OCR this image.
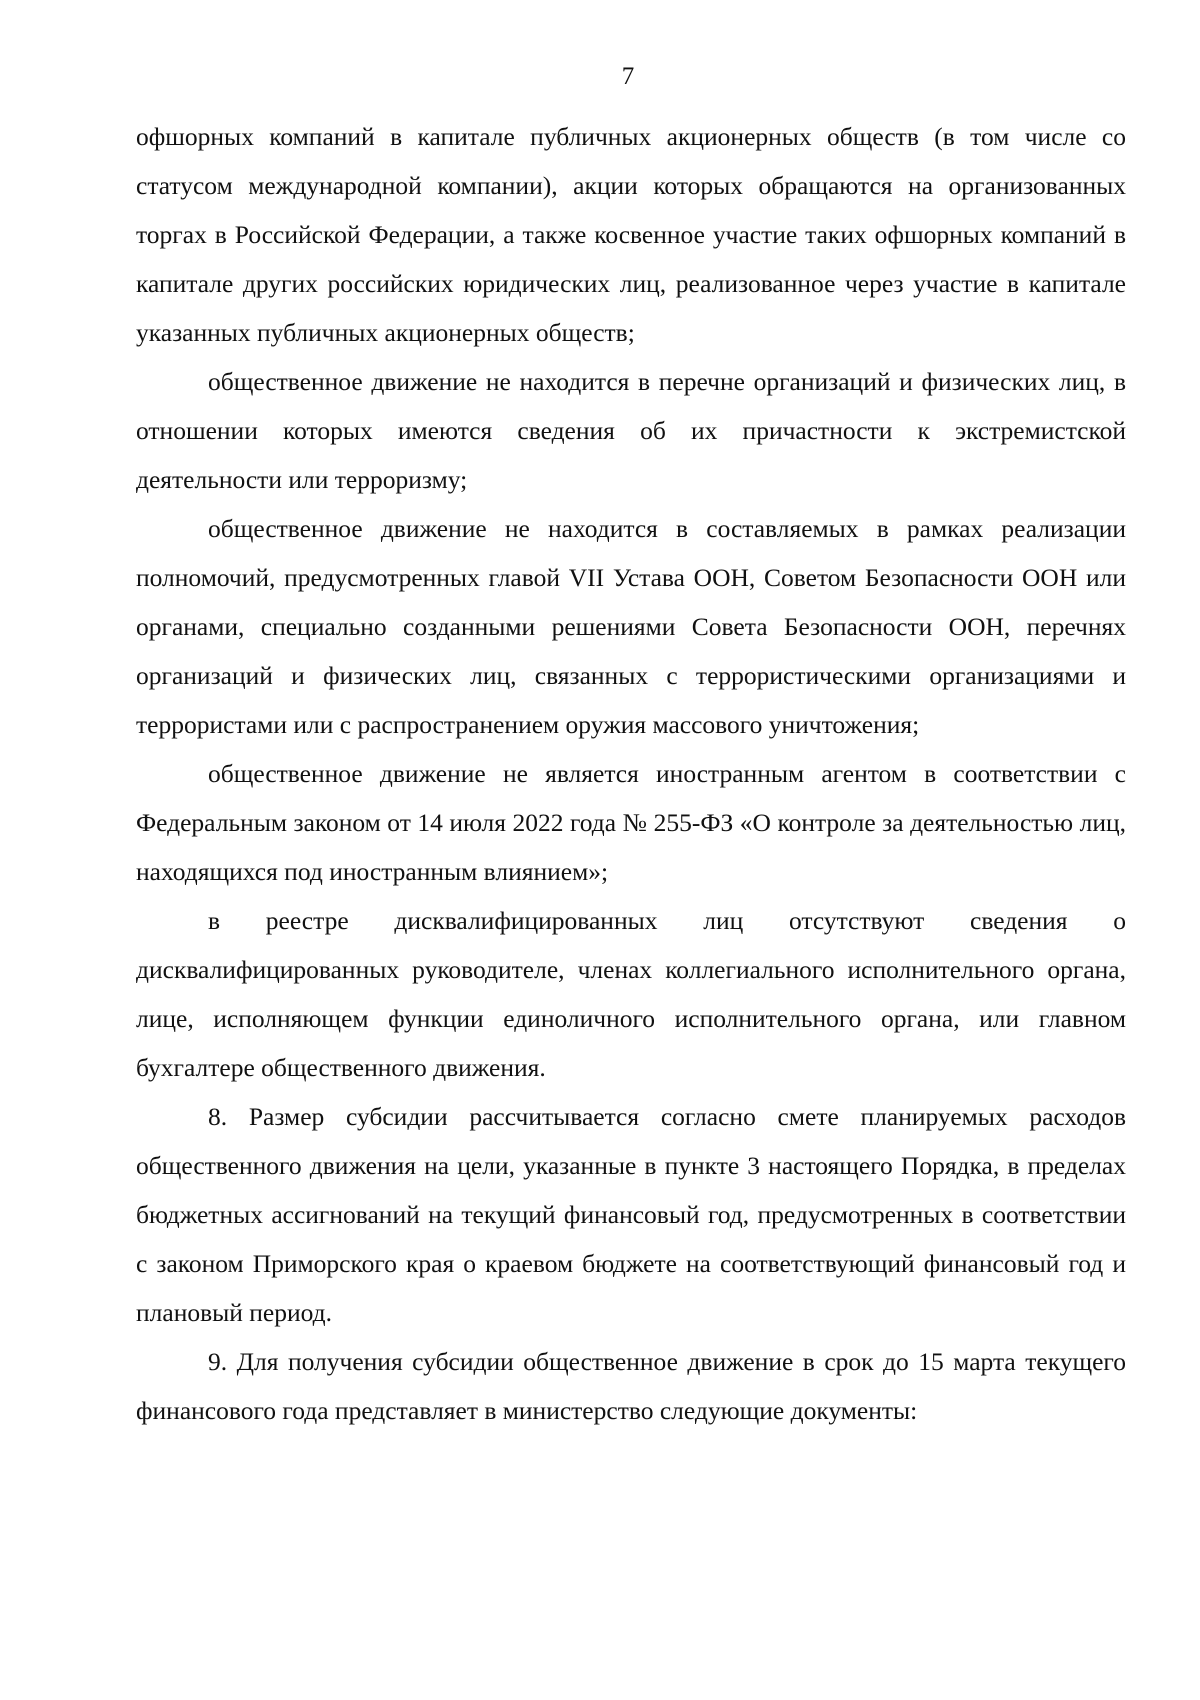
7

офшорных компаний в капитале публичных акционерных обществ (в том числе со статусом международной компании), акции которых обращаются на организованных торгах в Российской Федерации, а также косвенное участие таких офшорных компаний в капитале других российских юридических лиц, реализованное через участие в капитале указанных публичных акционерных обществ;

общественное движение не находится в перечне организаций и физических лиц, в отношении которых имеются сведения об их причастности к экстремистской деятельности или терроризму;

общественное движение не находится в составляемых в рамках реализации полномочий, предусмотренных главой VII Устава ООН, Советом Безопасности ООН или органами, специально созданными решениями Совета Безопасности ООН, перечнях организаций и физических лиц, связанных с террористическими организациями и террористами или с распространением оружия массового уничтожения;

общественное движение не является иностранным агентом в соответствии с Федеральным законом от 14 июля 2022 года № 255-ФЗ «О контроле за деятельностью лиц, находящихся под иностранным влиянием»;

в реестре дисквалифицированных лиц отсутствуют сведения о дисквалифицированных руководителе, членах коллегиального исполнительного органа, лице, исполняющем функции единоличного исполнительного органа, или главном бухгалтере общественного движения.

8. Размер субсидии рассчитывается согласно смете планируемых расходов общественного движения на цели, указанные в пункте 3 настоящего Порядка, в пределах бюджетных ассигнований на текущий финансовый год, предусмотренных в соответствии с законом Приморского края о краевом бюджете на соответствующий финансовый год и плановый период.

9. Для получения субсидии общественное движение в срок до 15 марта текущего финансового года представляет в министерство следующие документы:
